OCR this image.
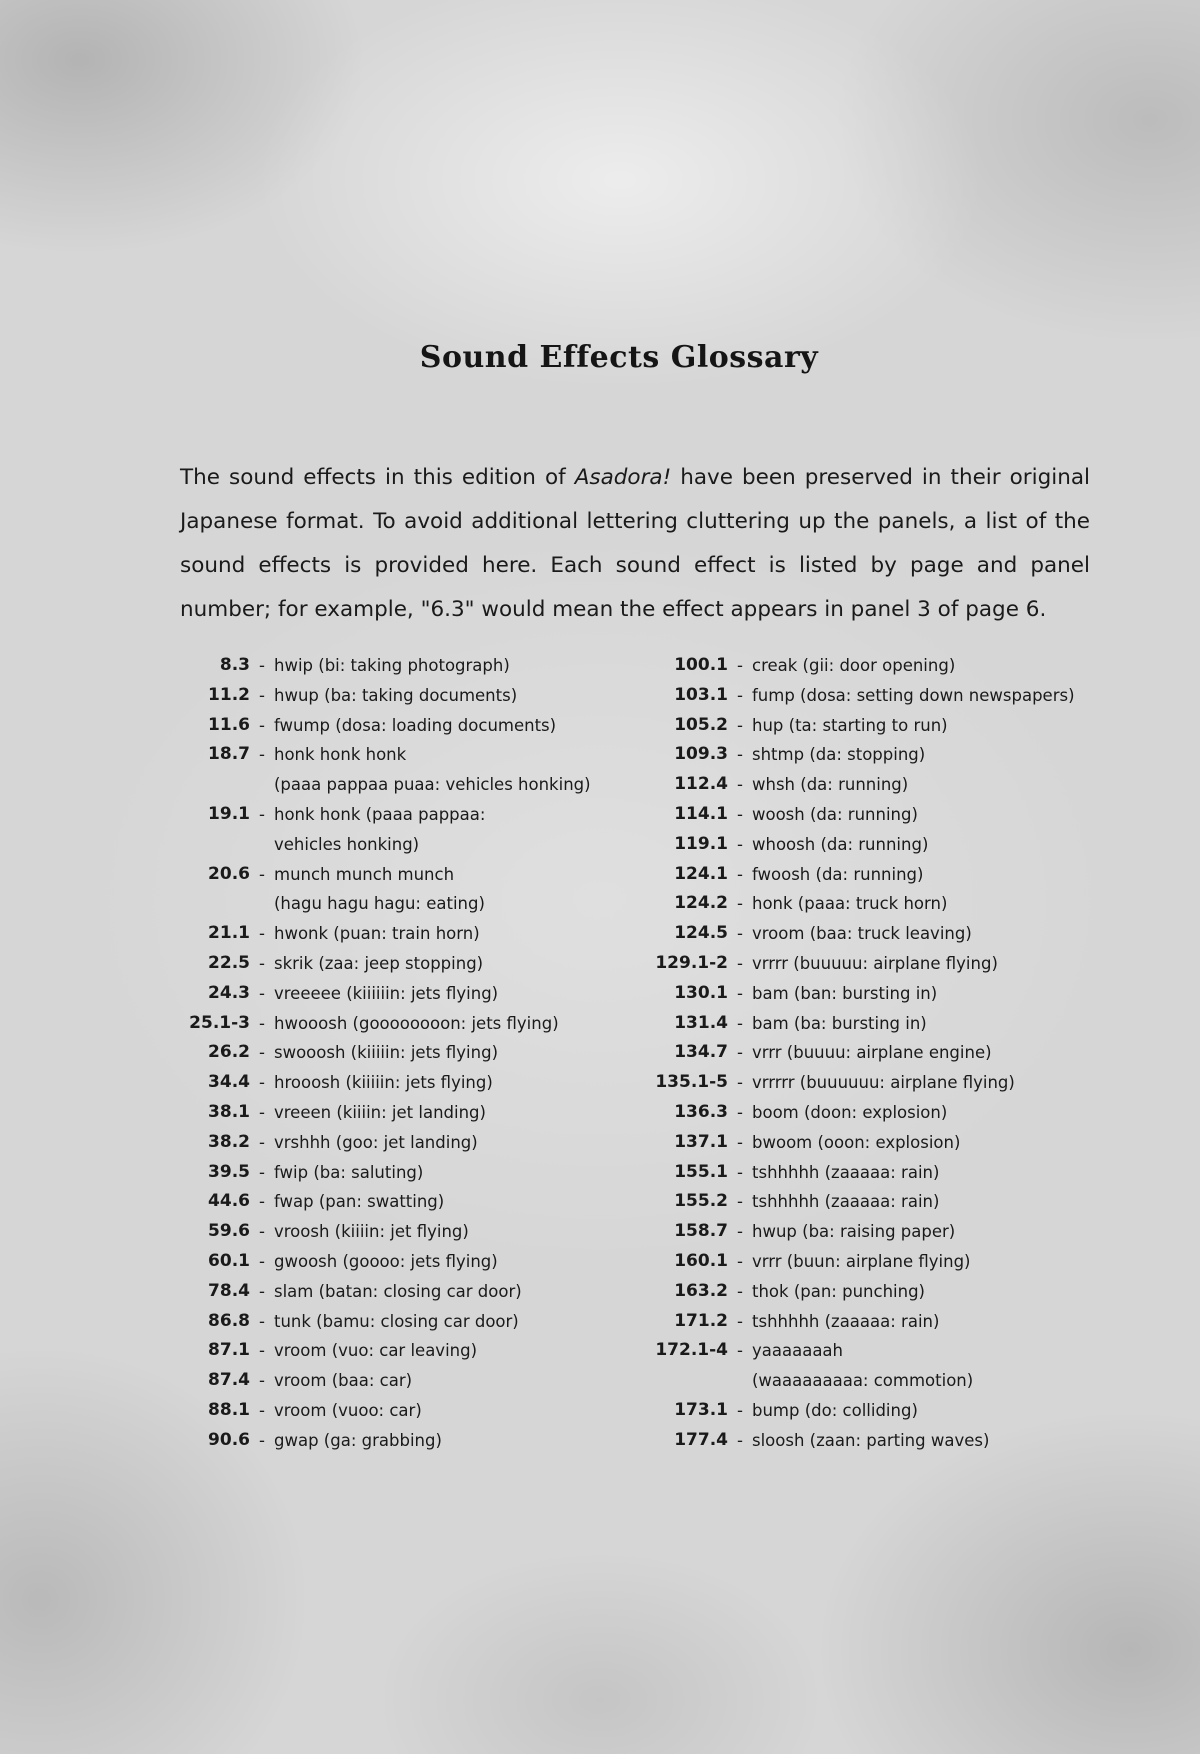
Sound Effects Glossary

The sound effects in this edition of Asadora! have been preserved in their original Japanese format. To avoid additional lettering cluttering up the panels, a list of the sound effects is provided here. Each sound effect is listed by page and panel number; for example, "6.3" would mean the effect appears in panel 3 of page 6.

8.3 - hwip (bi: taking photograph)
11.2 - hwup (ba: taking documents)
11.6 - fwump (dosa: loading documents)
18.7 - honk honk honk
(paaa pappaa puaa: vehicles honking)
19.1 - honk honk (paaa pappaa:
vehicles honking)
20.6 - munch munch munch
(hagu hagu hagu: eating)
21.1 - hwonk (puan: train horn)
22.5 - skrik (zaa: jeep stopping)
24.3 - vreeeee (kiiiiiin: jets flying)
25.1-3 - hwooosh (goooooooon: jets flying)
26.2 - swooosh (kiiiiin: jets flying)
34.4 - hrooosh (kiiiiin: jets flying)
38.1 - vreeen (kiiiin: jet landing)
38.2 - vrshhh (goo: jet landing)
39.5 - fwip (ba: saluting)
44.6 - fwap (pan: swatting)
59.6 - vroosh (kiiiin: jet flying)
60.1 - gwoosh (goooo: jets flying)
78.4 - slam (batan: closing car door)
86.8 - tunk (bamu: closing car door)
87.1 - vroom (vuo: car leaving)
87.4 - vroom (baa: car)
88.1 - vroom (vuoo: car)
90.6 - gwap (ga: grabbing)
100.1 - creak (gii: door opening)
103.1 - fump (dosa: setting down newspapers)
105.2 - hup (ta: starting to run)
109.3 - shtmp (da: stopping)
112.4 - whsh (da: running)
114.1 - woosh (da: running)
119.1 - whoosh (da: running)
124.1 - fwoosh (da: running)
124.2 - honk (paaa: truck horn)
124.5 - vroom (baa: truck leaving)
129.1-2 - vrrrr (buuuuu: airplane flying)
130.1 - bam (ban: bursting in)
131.4 - bam (ba: bursting in)
134.7 - vrrr (buuuu: airplane engine)
135.1-5 - vrrrrr (buuuuuu: airplane flying)
136.3 - boom (doon: explosion)
137.1 - bwoom (ooon: explosion)
155.1 - tshhhhh (zaaaaa: rain)
155.2 - tshhhhh (zaaaaa: rain)
158.7 - hwup (ba: raising paper)
160.1 - vrrr (buun: airplane flying)
163.2 - thok (pan: punching)
171.2 - tshhhhh (zaaaaa: rain)
172.1-4 - yaaaaaaah
(waaaaaaaaa: commotion)
173.1 - bump (do: colliding)
177.4 - sloosh (zaan: parting waves)
